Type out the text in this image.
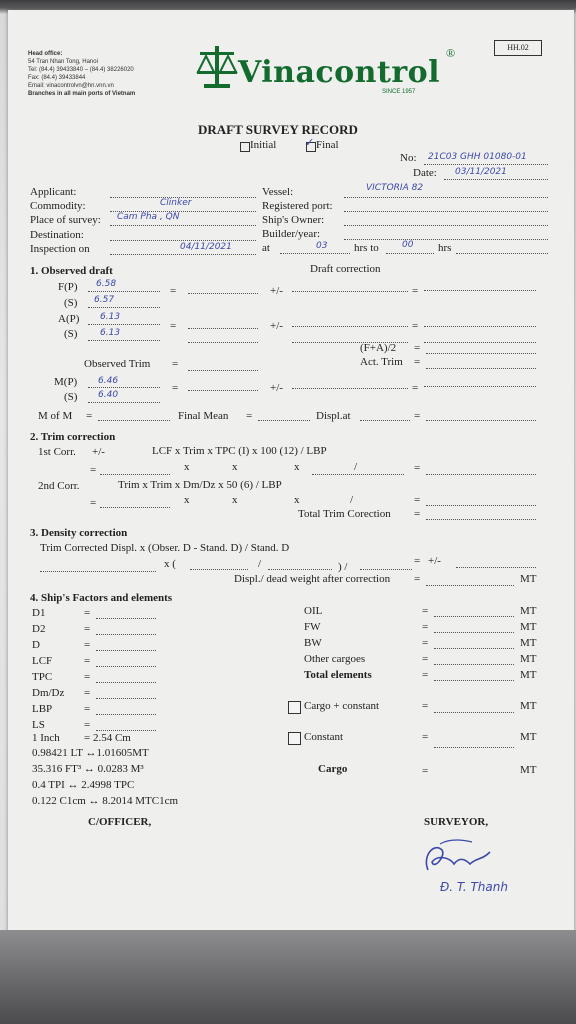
Head office:
54 Tran Nhan Tong, Hanoi
Tel: (84.4) 39433840 – (84.4) 38226020
Fax: (84.4) 39433844
Email: vinacontrolvn@hn.vnn.vn
Branches in all main ports of Vietnam
Vinacontrol
SINCE 1957
®	HH.02
DRAFT SURVEY RECORD
Initial	✓ Final
No: 21C03 GHH 01080-01
Date: 03/11/2021
Applicant:
Commodity:	Clinker
Place of survey: Cam Pha , QN
Destination:
Inspection on	04/11/2021
Vessel:	VICTORIA 82
Registered port:
Ship's Owner:
Builder/year:
at	03 hrs to	00 hrs
1. Observed draft	Draft correction
F(P) 6.58
(S) 6.57
=	+/-	=
A(P) 6.13
(S)	6.13
=	+/-	=
(F+A)/2 =
Act. Trim =
Observed Trim =
M(P) 6.46
(S) 6.40
=	+/-	=
M of M =	Final Mean =	Displ.at	=
2. Trim correction
1st Corr. +/-	LCF x Trim x TPC (I) x 100 (12) / LBP
=	x	x	x	/	=
2nd Corr.	Trim x Trim x Dm/Dz x 50 (6) / LBP
=	x	x	x	/	=
Total Trim Corection =
3. Density correction
Trim Corrected Displ. x (Obser. D - Stand. D) / Stand. D
x (	) /
/	= +/-
Displ./ dead weight after correction =	MT
4. Ship's Factors and elements
D1	=
D2	=
D	=
LCF	=
TPC	=
Dm/Dz =
LBP	=
LS	=
OIL	=	MT
FW	=	MT
BW	=	MT
Other cargoes	=	MT
Total elements	=	MT
Cargo + constant	=	MT
Constant	=	MT
Cargo	=	MT
1 Inch = 2.54 Cm
0.98421 LT ↔1.01605MT
35.316 FT³ ↔ 0.0283 M³
0.4 TPI ↔ 2.4998 TPC
0.122 C1cm ↔ 8.2014 MTC1cm
C/OFFICER,	SURVEYOR,
Đ. T. Thanh
